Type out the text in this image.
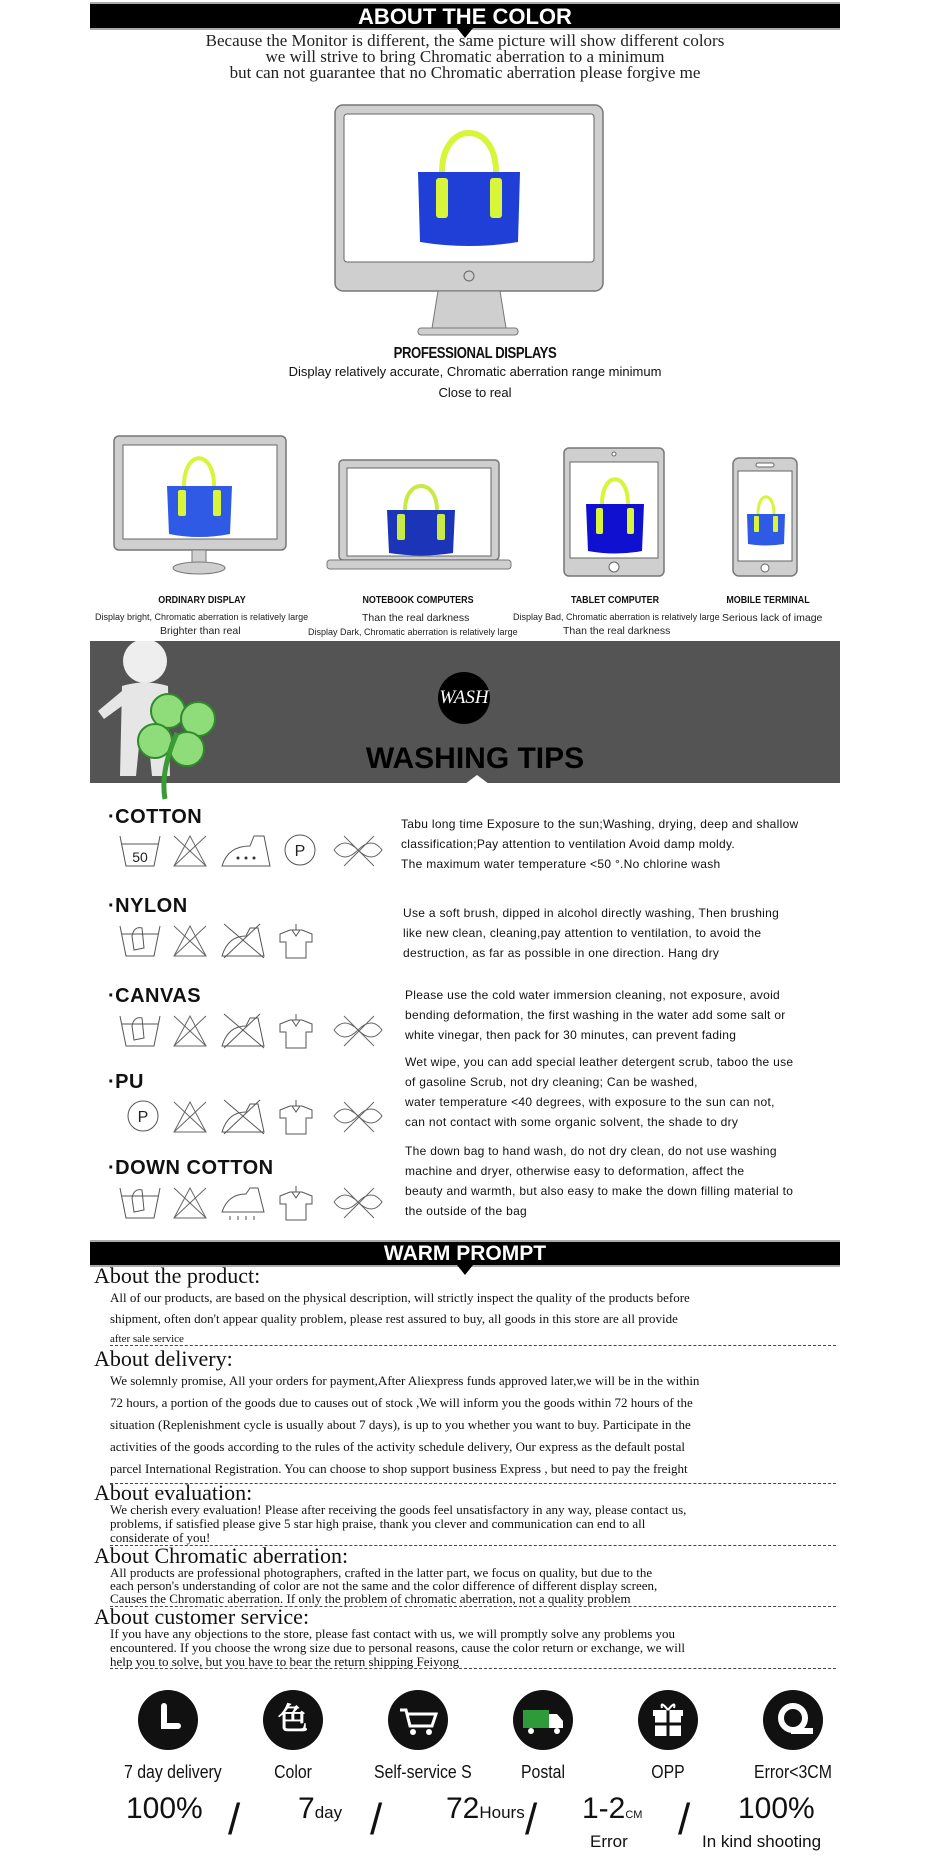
ABOUT THE COLOR
Because the Monitor is different, the same picture will show different colors
we will strive to bring Chromatic aberration to a minimum
but can not guarantee that no Chromatic aberration please forgive me
PROFESSIONAL DISPLAYS
Display relatively accurate, Chromatic aberration range minimum
Close to real
ORDINARY DISPLAY
Display bright, Chromatic aberration is relatively large
Brighter than real
NOTEBOOK COMPUTERS
Than the real darkness
Display Dark, Chromatic aberration is relatively large
TABLET COMPUTER
Display Bad, Chromatic aberration is relatively large
Than the real darkness
MOBILE TERMINAL
Serious lack of image
WASH
WASHING TIPS
·COTTON
·NYLON
·CANVAS
·PU
·DOWN COTTON
50	P
P
Tabu long time Exposure to the sun;Washing, drying, deep and shallow
classification;Pay attention to ventilation Avoid damp moldy.
The maximum water temperature <50 °.No chlorine wash
Use a soft brush, dipped in alcohol directly washing, Then brushing
like new clean, cleaning,pay attention to ventilation, to avoid the
destruction, as far as possible in one direction. Hang dry
Please use the cold water immersion cleaning, not exposure, avoid
bending deformation, the first washing in the water add some salt or
white vinegar, then pack for 30 minutes, can prevent fading
Wet wipe, you can add special leather detergent scrub, taboo the use
of gasoline Scrub, not dry cleaning; Can be washed,
water temperature <40 degrees, with exposure to the sun can not,
can not contact with some organic solvent, the shade to dry
The down bag to hand wash, do not dry clean, do not use washing
machine and dryer, otherwise easy to deformation, affect the
beauty and warmth, but also easy to make the down filling material to
the outside of the bag
WARM PROMPT
About the product:
All of our products, are based on the physical description, will strictly inspect the quality of the products before
shipment, often don't appear quality problem, please rest assured to buy, all goods in this store are all provide
after sale service
About delivery:
We solemnly promise, All your orders for payment,After Aliexpress funds approved later,we will be in the within
72 hours, a portion of the goods due to causes out of stock ,We will inform you the goods within 72 hours of the
situation (Replenishment cycle is usually about 7 days), is up to you whether you want to buy. Participate in the
activities of the goods according to the rules of the activity schedule delivery, Our express as the default postal
parcel International Registration. You can choose to shop support business Express , but need to pay the freight
About evaluation:
We cherish every evaluation! Please after receiving the goods feel unsatisfactory in any way, please contact us,
problems, if satisfied please give 5 star high praise, thank you clever and communication can end to all
considerate of you!
About Chromatic aberration:
All products are professional photographers, crafted in the latter part, we focus on quality, but due to the
each person's understanding of color are not the same and the color difference of different display screen,
Causes the Chromatic aberration. If only the problem of chromatic aberration, not a quality problem
About customer service:
If you have any objections to the store, please fast contact with us, we will promptly solve any problems you
encountered. If you choose the wrong size due to personal reasons, cause the color return or exchange, we will
help you to solve, but you have to bear the return shipping Feiyong
7 day delivery
色
Color	Self-service S	Postal	OPP	Error<3CM
100% / 7day / 72Hours / 1-2CM
Error / 100%
In kind shooting
